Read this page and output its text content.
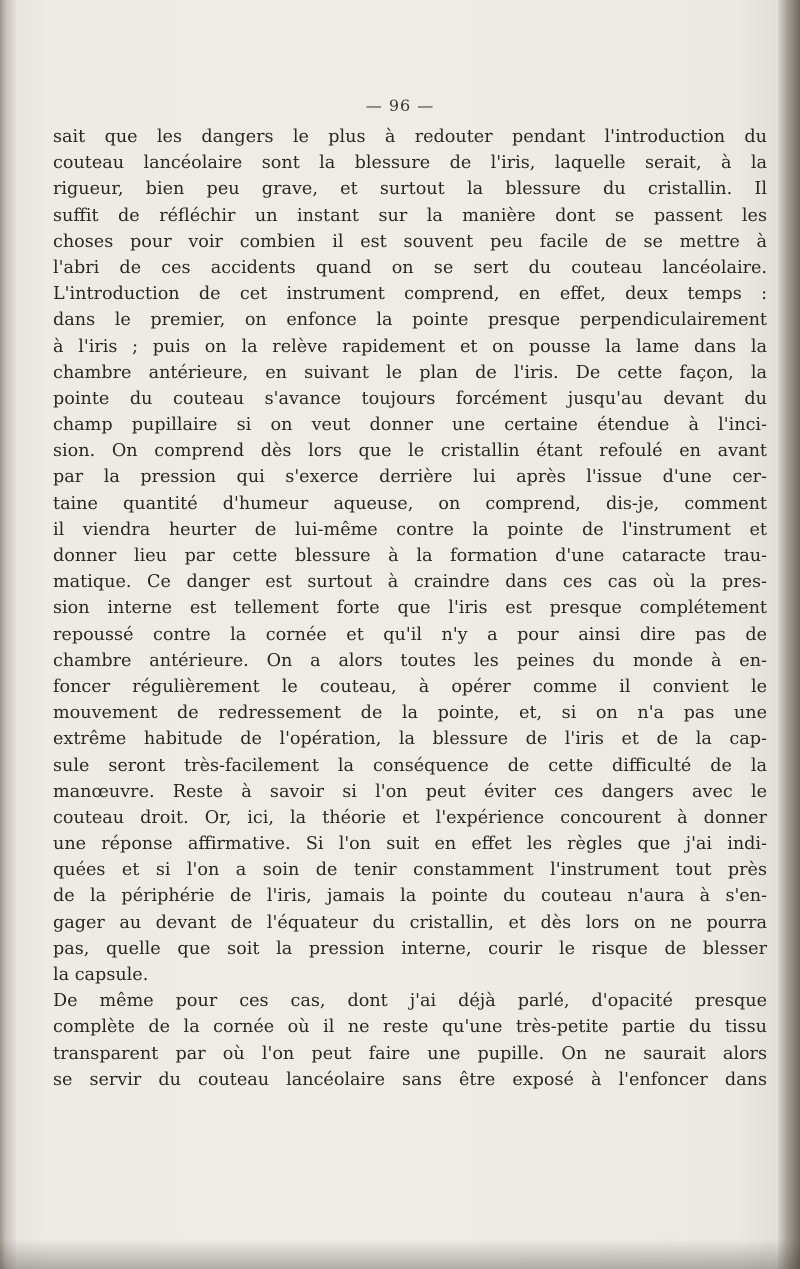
— 96 —
sait que les dangers le plus à redouter pendant l'introduction du
couteau lancéolaire sont la blessure de l'iris, laquelle serait, à la
rigueur, bien peu grave, et surtout la blessure du cristallin. Il
suffit de réfléchir un instant sur la manière dont se passent les
choses pour voir combien il est souvent peu facile de se mettre à
l'abri de ces accidents quand on se sert du couteau lancéolaire.
L'introduction de cet instrument comprend, en effet, deux temps :
dans le premier, on enfonce la pointe presque perpendiculairement
à l'iris ; puis on la relève rapidement et on pousse la lame dans la
chambre antérieure, en suivant le plan de l'iris. De cette façon, la
pointe du couteau s'avance toujours forcément jusqu'au devant du
champ pupillaire si on veut donner une certaine étendue à l'inci-
sion. On comprend dès lors que le cristallin étant refoulé en avant
par la pression qui s'exerce derrière lui après l'issue d'une cer-
taine quantité d'humeur aqueuse, on comprend, dis-je, comment
il viendra heurter de lui-même contre la pointe de l'instrument et
donner lieu par cette blessure à la formation d'une cataracte trau-
matique. Ce danger est surtout à craindre dans ces cas où la pres-
sion interne est tellement forte que l'iris est presque complétement
repoussé contre la cornée et qu'il n'y a pour ainsi dire pas de
chambre antérieure. On a alors toutes les peines du monde à en-
foncer régulièrement le couteau, à opérer comme il convient le
mouvement de redressement de la pointe, et, si on n'a pas une
extrême habitude de l'opération, la blessure de l'iris et de la cap-
sule seront très-facilement la conséquence de cette difficulté de la
manœuvre. Reste à savoir si l'on peut éviter ces dangers avec le
couteau droit. Or, ici, la théorie et l'expérience concourent à donner
une réponse affirmative. Si l'on suit en effet les règles que j'ai indi-
quées et si l'on a soin de tenir constamment l'instrument tout près
de la périphérie de l'iris, jamais la pointe du couteau n'aura à s'en-
gager au devant de l'équateur du cristallin, et dès lors on ne pourra
pas, quelle que soit la pression interne, courir le risque de blesser
la capsule.
De même pour ces cas, dont j'ai déjà parlé, d'opacité presque
complète de la cornée où il ne reste qu'une très-petite partie du tissu
transparent par où l'on peut faire une pupille. On ne saurait alors
se servir du couteau lancéolaire sans être exposé à l'enfoncer dans
